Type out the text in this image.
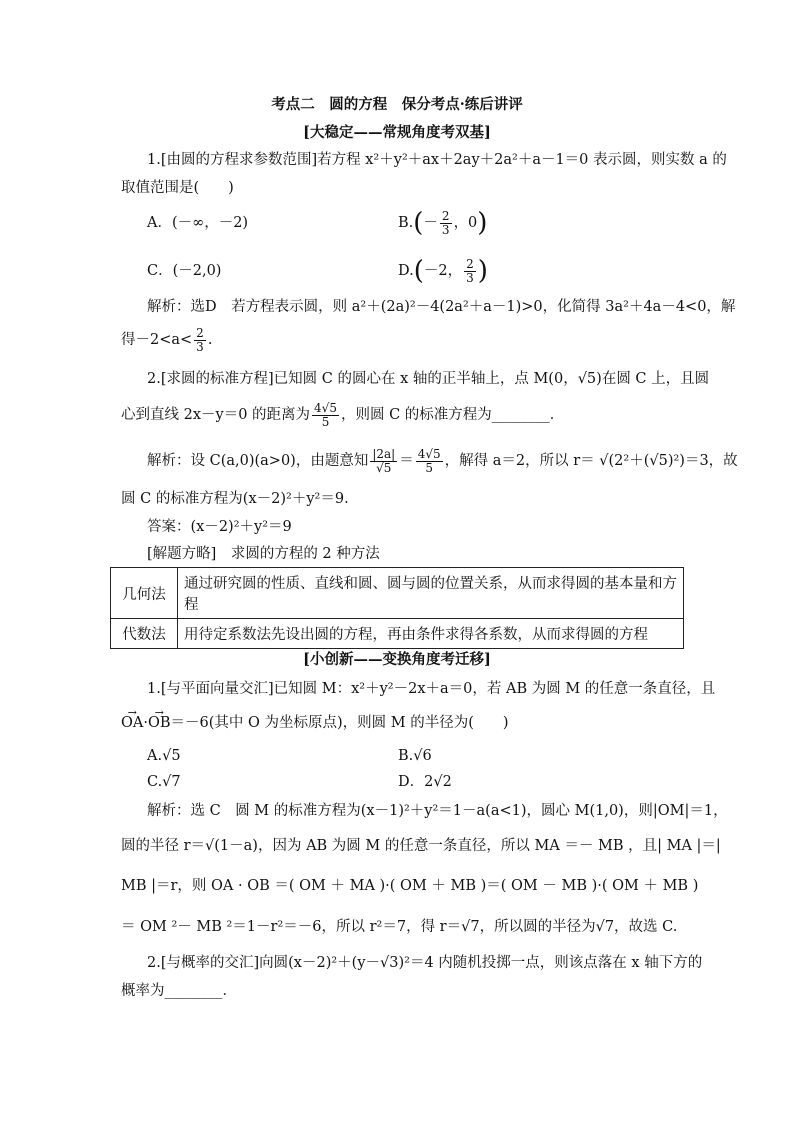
考点二　圆的方程　保分考点·练后讲评
[大稳定——常规角度考双基]
1.[由圆的方程求参数范围]若方程 x²＋y²＋ax＋2ay＋2a²＋a－1＝0 表示圆，则实数 a 的
取值范围是(　　)
A．(－∞，－2)	$B.(- \frac{2}{3}$ ，0)
C．(－2,0)	D.(－2， $\frac{2}{3}$ )
解析：选D　若方程表示圆，则 a²＋(2a)²－4(2a²＋a－1)>0，化简得 3a²＋4a－4<0，解
得$-2<a< \frac{2}{3}$ .
2.[求圆的标准方程]已知圆 C 的圆心在 x 轴的正半轴上，点 M(0，√5)在圆 C 上，且圆
心到直线 2x－y＝0 的距离为 $\frac{4√5}{5}$ ，则圆 C 的标准方程为________．
解析：设 C(a,0)(a>0)，由题意知 $\frac{|2a|}{√5} = \frac{4√5}{5}$ ，解得 a＝2，所以 r＝ √(2²＋(√5)²)＝3，故
圆 C 的标准方程为(x－2)²＋y²＝9.
答案：(x－2)²＋y²＝9
[解题方略]　求圆的方程的 2 种方法
几何法	通过研究圆的性质、直线和圆、圆与圆的位置关系，从而求得圆的基本量和方程
代数法	用待定系数法先设出圆的方程，再由条件求得各系数，从而求得圆的方程
[小创新——变换角度考迁移]
1.[与平面向量交汇]已知圆 M：x²＋y²－2x＋a＝0，若 AB 为圆 M 的任意一条直径，且
→ OA·→ OB＝－6(其中 O 为坐标原点)，则圆 M 的半径为(　　)
A.√5	B.√6
C.√7	D．2√2
解析：选 C　圆 M 的标准方程为(x－1)²＋y²＝1－a(a<1)，圆心 M(1,0)，则|OM|＝1，
圆的半径 r＝√(1－a)，因为 AB 为圆 M 的任意一条直径，所以 MA ＝－ MB ，且| MA |＝|
MB |＝r，则 OA · OB ＝( OM ＋ MA )·( OM ＋ MB )＝( OM － MB )·( OM ＋ MB )
＝ OM ²－ MB ²＝1－r²＝－6，所以 r²＝7，得 r＝√7，所以圆的半径为√7，故选 C.
2.[与概率的交汇]向圆(x－2)²＋(y－√3)²＝4 内随机投掷一点，则该点落在 x 轴下方的
概率为________．
